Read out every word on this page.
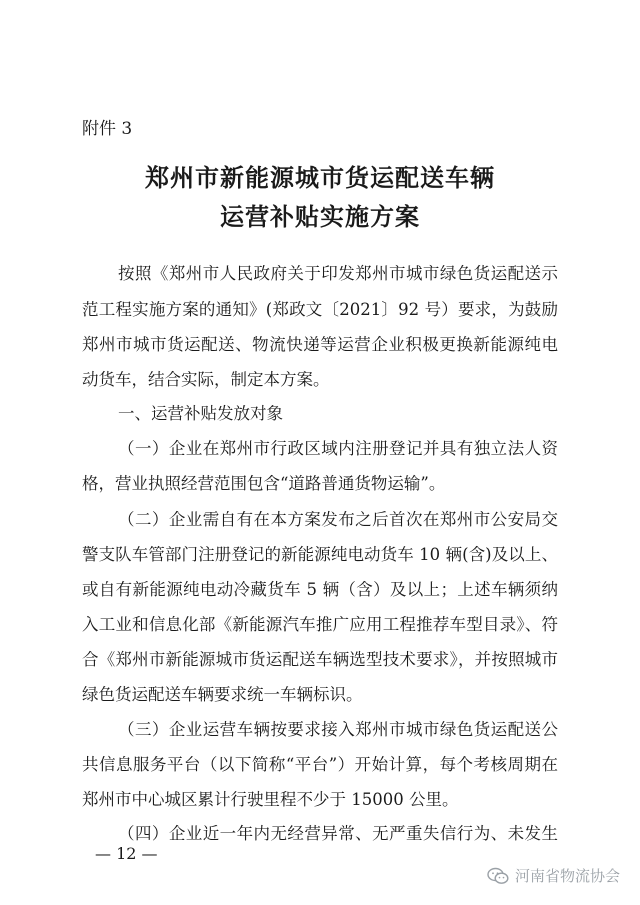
附件 3
郑州市新能源城市货运配送车辆
运营补贴实施方案
按照《郑州市人民政府关于印发郑州市城市绿色货运配送示
范工程实施方案的通知》(郑政文〔2021〕92 号）要求，为鼓励
郑州市城市货运配送、物流快递等运营企业积极更换新能源纯电
动货车，结合实际，制定本方案。
一、运营补贴发放对象
（一）企业在郑州市行政区域内注册登记并具有独立法人资
格，营业执照经营范围包含“道路普通货物运输”。
（二）企业需自有在本方案发布之后首次在郑州市公安局交
警支队车管部门注册登记的新能源纯电动货车 10 辆(含)及以上、
或自有新能源纯电动冷藏货车 5 辆（含）及以上；上述车辆须纳
入工业和信息化部《新能源汽车推广应用工程推荐车型目录》、符
合《郑州市新能源城市货运配送车辆选型技术要求》，并按照城市
绿色货运配送车辆要求统一车辆标识。
（三）企业运营车辆按要求接入郑州市城市绿色货运配送公
共信息服务平台（以下简称“平台”）开始计算，每个考核周期在
郑州市中心城区累计行驶里程不少于 15000 公里。
（四）企业近一年内无经营异常、无严重失信行为、未发生
— 12 —
河南省物流协会
